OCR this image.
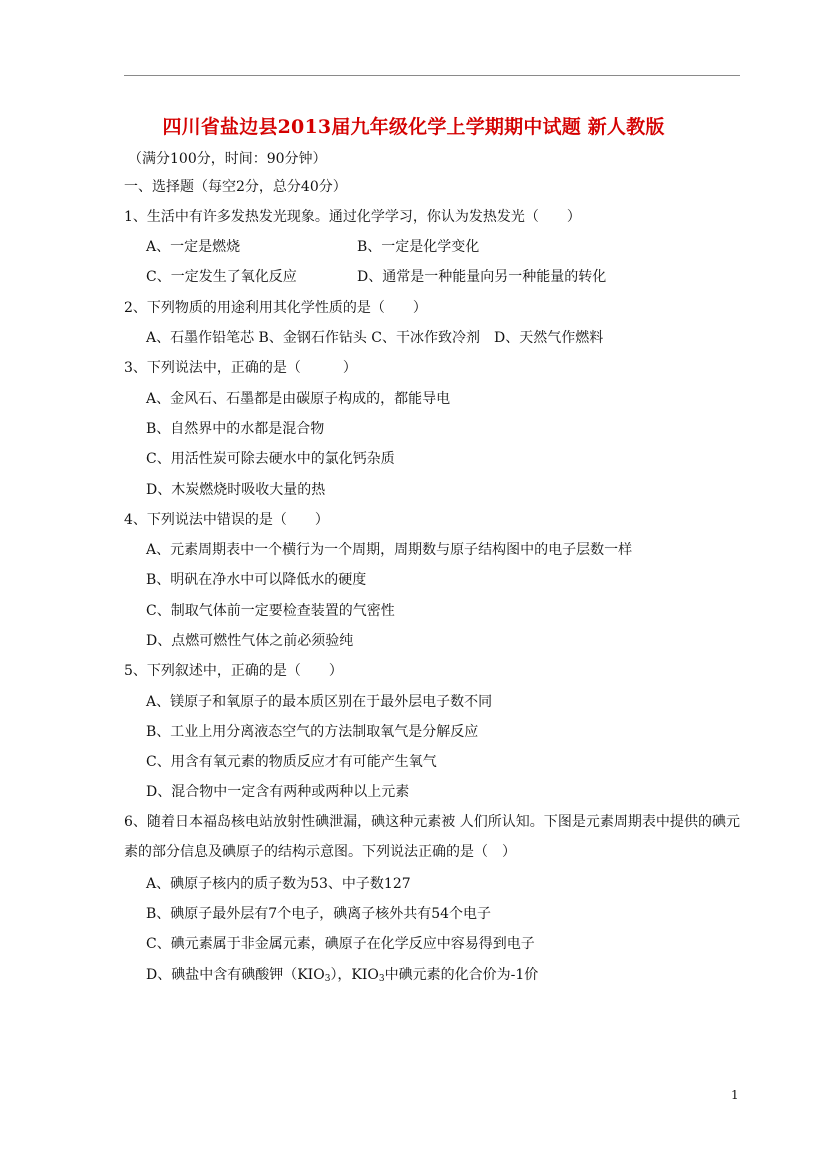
四川省盐边县2013届九年级化学上学期期中试题 新人教版
（满分100分，时间：90分钟）
一、选择题（每空2分，总分40分）
1、生活中有许多发热发光现象。通过化学学习，你认为发热发光（　　）
A、一定是燃烧	B、一定是化学变化
C、一定发生了氧化反应	D、通常是一种能量向另一种能量的转化
2、下列物质的用途利用其化学性质的是（　　）
A、石墨作铅笔芯 B、金钢石作钻头 C、干冰作致冷剂　D、天然气作燃料
3、下列说法中，正确的是（　　　）
A、金风石、石墨都是由碳原子构成的，都能导电
B、自然界中的水都是混合物
C、用活性炭可除去硬水中的氯化钙杂质
D、木炭燃烧时吸收大量的热
4、下列说法中错误的是（　　）
A、元素周期表中一个横行为一个周期，周期数与原子结构图中的电子层数一样
B、明矾在净水中可以降低水的硬度
C、制取气体前一定要检查装置的气密性
D、点燃可燃性气体之前必须验纯
5、下列叙述中，正确的是（　　）
A、镁原子和氧原子的最本质区别在于最外层电子数不同
B、工业上用分离液态空气的方法制取氧气是分解反应
C、用含有氧元素的物质反应才有可能产生氧气
D、混合物中一定含有两种或两种以上元素
6、随着日本福岛核电站放射性碘泄漏，碘这种元素被 人们所认知。下图是元素周期表中提供的碘元素的部分信息及碘原子的结构示意图。下列说法正确的是（　）
A、碘原子核内的质子数为53、中子数127
B、碘原子最外层有7个电子，碘离子核外共有54个电子
C、碘元素属于非金属元素，碘原子在化学反应中容易得到电子
D、碘盐中含有碘酸钾$(KIO_3)$，$KIO_3$中碘元素的化合价为-1价
1
